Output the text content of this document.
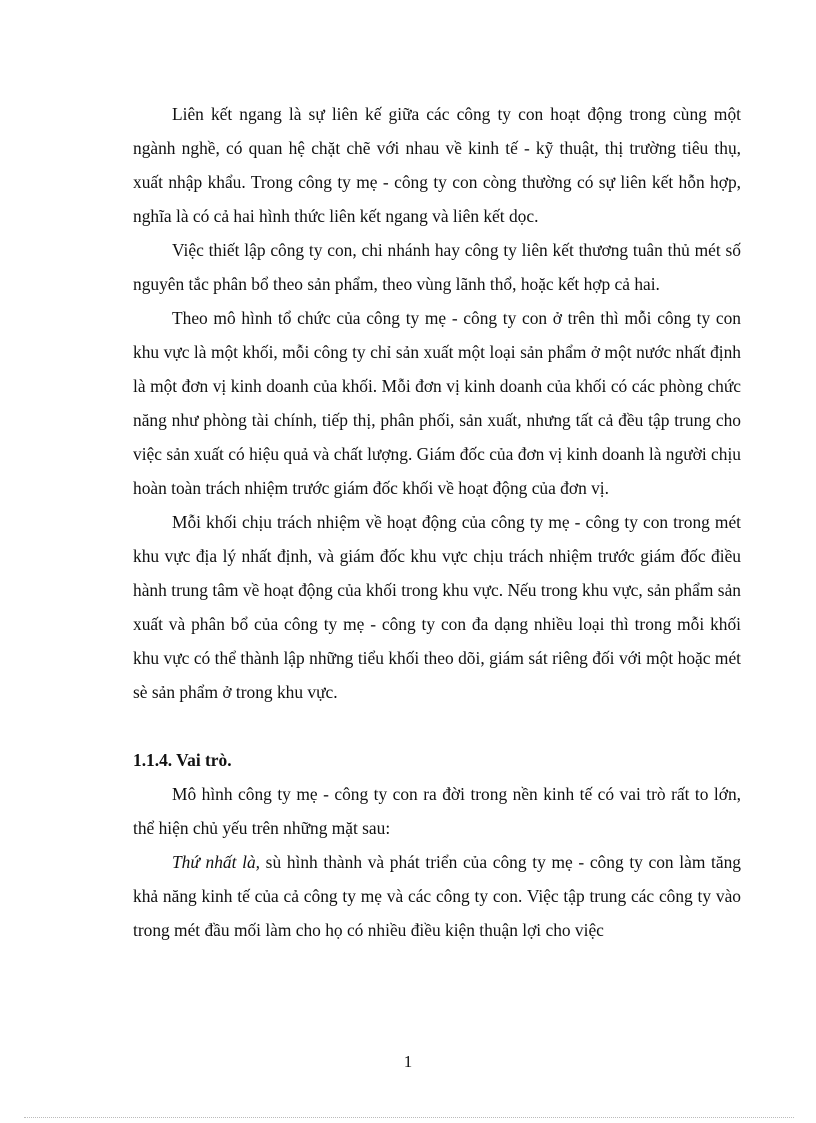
Liên kết ngang là sự liên kế giữa các công ty con hoạt động trong cùng một ngành nghề, có quan hệ chặt chẽ với nhau về kinh tế - kỹ thuật, thị trường tiêu thụ, xuất nhập khẩu. Trong công ty mẹ - công ty con còng thường có sự liên kết hỗn hợp, nghĩa là có cả hai hình thức liên kết ngang và liên kết dọc.

Việc thiết lập công ty con, chi nhánh hay công ty liên kết thương tuân thủ mét số nguyên tắc phân bổ theo sản phẩm, theo vùng lãnh thổ, hoặc kết hợp cả hai.

Theo mô hình tổ chức của công ty mẹ - công ty con ở trên thì mỗi công ty con khu vực là một khối, mỗi công ty chỉ sản xuất một loại sản phẩm ở một nước nhất định là một đơn vị kinh doanh của khối. Mỗi đơn vị kinh doanh của khối có các phòng chức năng như phòng tài chính, tiếp thị, phân phối, sản xuất, nhưng tất cả đều tập trung cho việc sản xuất có hiệu quả và chất lượng. Giám đốc của đơn vị kinh doanh là người chịu hoàn toàn trách nhiệm trước giám đốc khối về hoạt động của đơn vị.

Mỗi khối chịu trách nhiệm về hoạt động của công ty mẹ - công ty con trong mét khu vực địa lý nhất định, và giám đốc khu vực chịu trách nhiệm trước giám đốc điều hành trung tâm về hoạt động của khối trong khu vực. Nếu trong khu vực, sản phẩm sản xuất và phân bổ của công ty mẹ - công ty con đa dạng nhiều loại thì trong mỗi khối khu vực có thể thành lập những tiểu khối theo dõi, giám sát riêng đối với một hoặc mét sè sản phẩm ở trong khu vực.

1.1.4. Vai trò.

Mô hình công ty mẹ - công ty con ra đời trong nền kinh tế có vai trò rất to lớn, thể hiện chủ yếu trên những mặt sau:

Thứ nhất là, sù hình thành và phát triển của công ty mẹ - công ty con làm tăng khả năng kinh tế của cả công ty mẹ và các công ty con. Việc tập trung các công ty vào trong mét đầu mối làm cho họ có nhiều điều kiện thuận lợi cho việc

1
